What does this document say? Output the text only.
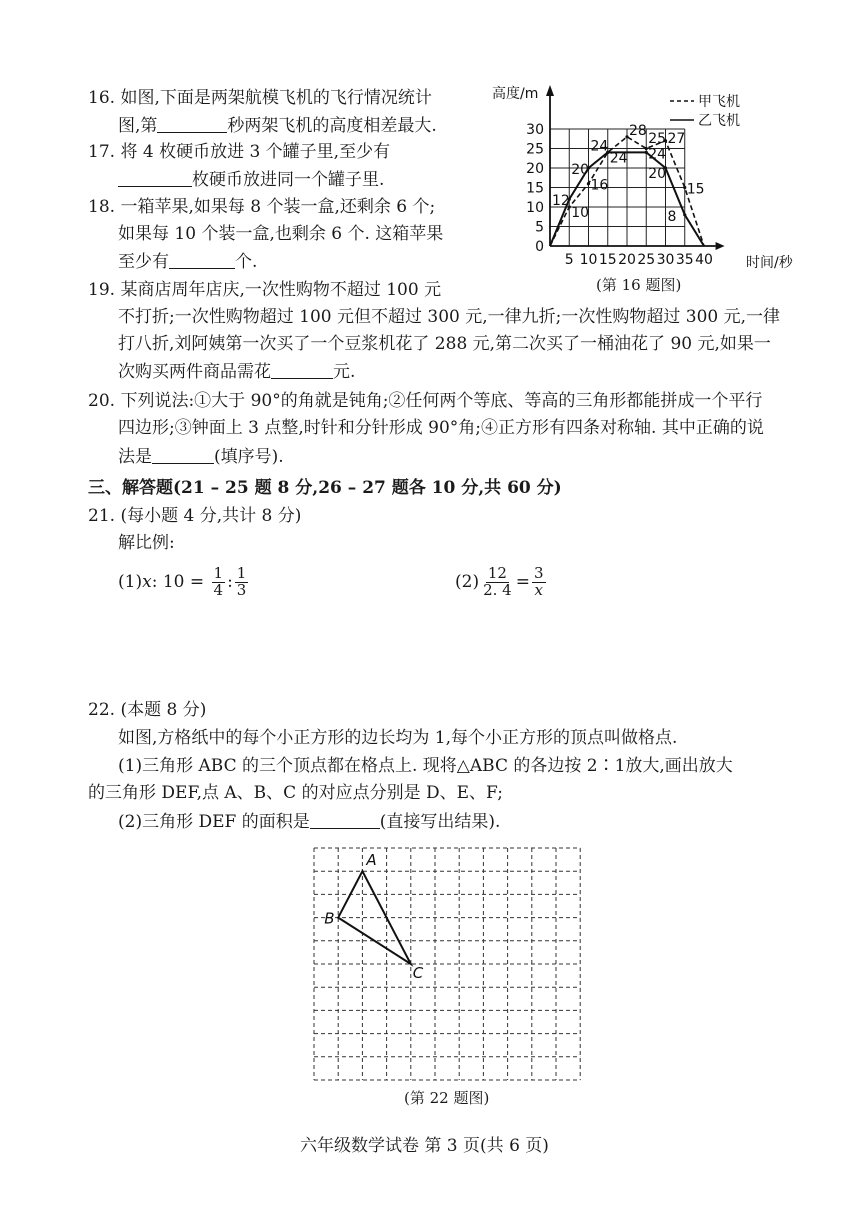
16. 如图,下面是两架航模飞机的飞行情况统计
图,第	秒两架飞机的高度相差最大.
17. 将 4 枚硬币放进 3 个罐子里,至少有
枚硬币放进同一个罐子里.
18. 一箱苹果,如果每 8 个装一盒,还剩余 6 个;
如果每 10 个装一盒,也剩余 6 个. 这箱苹果
至少有	个.
19. 某商店周年店庆,一次性购物不超过 100 元
不打折;一次性购物超过 100 元但不超过 300 元,一律九折;一次性购物超过 300 元,一律
打八折,刘阿姨第一次买了一个豆浆机花了 288 元,第二次买了一桶油花了 90 元,如果一
次购买两件商品需花	元.
20. 下列说法:①大于 90°的角就是钝角;②任何两个等底、等高的三角形都能拼成一个平行
四边形;③钟面上 3 点整,时针和分针形成 90°角;④正方形有四条对称轴. 其中正确的说
法是	(填序号).
三、解答题(21 – 25 题 8 分,26 – 27 题各 10 分,共 60 分)
21. (每小题 4 分,共计 8 分)
解比例:
(1)x: $10 = \frac{1}{4}$ : $\frac{1}{3}$	$(2) \frac{12}{2. 4} = \frac{3}{x}$
22. (本题 8 分)
如图,方格纸中的每个小正方形的边长均为 1,每个小正方形的顶点叫做格点.
(1)三角形 ABC 的三个顶点都在格点上. 现将△ABC 的各边按 2∶1放大,画出放大
的三角形 DEF,点 A、B、C 的对应点分别是 D、E、F;
(2)三角形 DEF 的面积是	(直接写出结果).
A
B
C
(第 22 题图)
5 10 15 20 25 30 35 40
0
5
10
15
20
25
30
高度/m
时间/秒
12
10
20
16
24
24
28
24
20
25 27
15
8
甲飞机
乙飞机
(第 16 题图)
六年级数学试卷 第 3 页(共 6 页)
